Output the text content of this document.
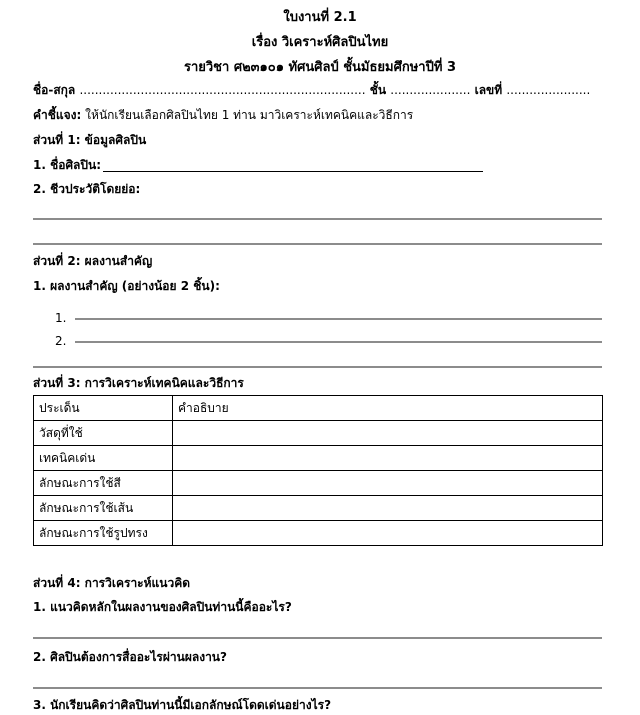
ใบงานที่ 2.1
เรื่อง วิเคราะห์ศิลปินไทย
รายวิชา ศ๒๓๑๐๑ ทัศนศิลป์ ชั้นมัธยมศึกษาปีที่ 3
ชื่อ-สกุล ........................................................................... ชั้น ..................... เลขที่ ......................
คำชี้แจง: ให้นักเรียนเลือกศิลปินไทย 1 ท่าน มาวิเคราะห์เทคนิคและวิธีการ
ส่วนที่ 1: ข้อมูลศิลปิน
1. ชื่อศิลปิน:
2. ชีวประวัติโดยย่อ:
ส่วนที่ 2: ผลงานสำคัญ
1. ผลงานสำคัญ (อย่างน้อย 2 ชิ้น):
1.
2.
ส่วนที่ 3: การวิเคราะห์เทคนิคและวิธีการ
ประเด็น	คำอธิบาย
วัสดุที่ใช้	
เทคนิคเด่น	
ลักษณะการใช้สี	
ลักษณะการใช้เส้น	
ลักษณะการใช้รูปทรง	
ส่วนที่ 4: การวิเคราะห์แนวคิด
1. แนวคิดหลักในผลงานของศิลปินท่านนี้คืออะไร?
2. ศิลปินต้องการสื่ออะไรผ่านผลงาน?
3. นักเรียนคิดว่าศิลปินท่านนี้มีเอกลักษณ์โดดเด่นอย่างไร?
